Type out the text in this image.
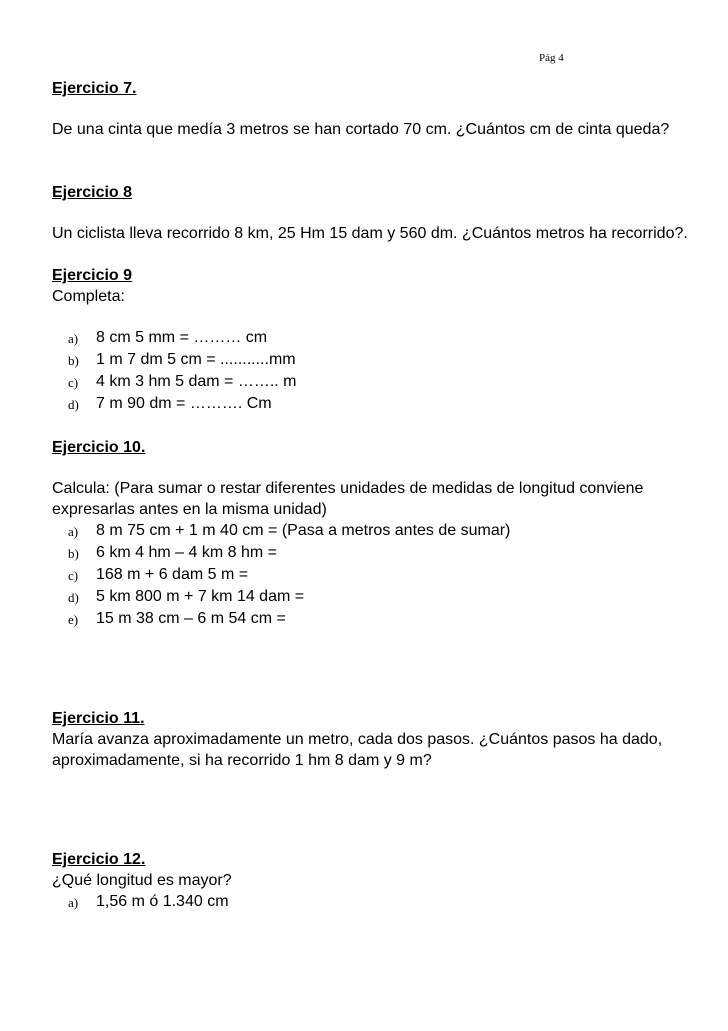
Pág 4

Ejercicio 7.

De una cinta que medía 3 metros se han cortado 70 cm. ¿Cuántos cm de cinta queda?

Ejercicio 8

Un ciclista lleva recorrido 8 km, 25 Hm 15 dam y 560 dm. ¿Cuántos metros ha recorrido?.

Ejercicio 9

Completa:

a)	8 cm 5 mm = ……… cm
b)	1 m 7 dm 5 cm = ...........mm
c)	4 km 3 hm 5 dam = …….. m
d)	7 m 90 dm = ………. Cm

Ejercicio 10.

Calcula: (Para sumar o restar diferentes unidades de medidas de longitud conviene expresarlas antes en la misma unidad)

a)	8 m 75 cm + 1 m 40 cm = (Pasa a metros antes de sumar)
b)	6 km 4 hm – 4 km 8 hm =
c)	168 m + 6 dam 5 m =
d)	5 km 800 m + 7 km 14 dam =
e)	15 m 38 cm – 6 m 54 cm =

Ejercicio 11.

María avanza aproximadamente un metro, cada dos pasos. ¿Cuántos pasos ha dado, aproximadamente, si ha recorrido 1 hm 8 dam y 9 m?

Ejercicio 12.

¿Qué longitud es mayor?

a)	1,56 m ó 1.340 cm
